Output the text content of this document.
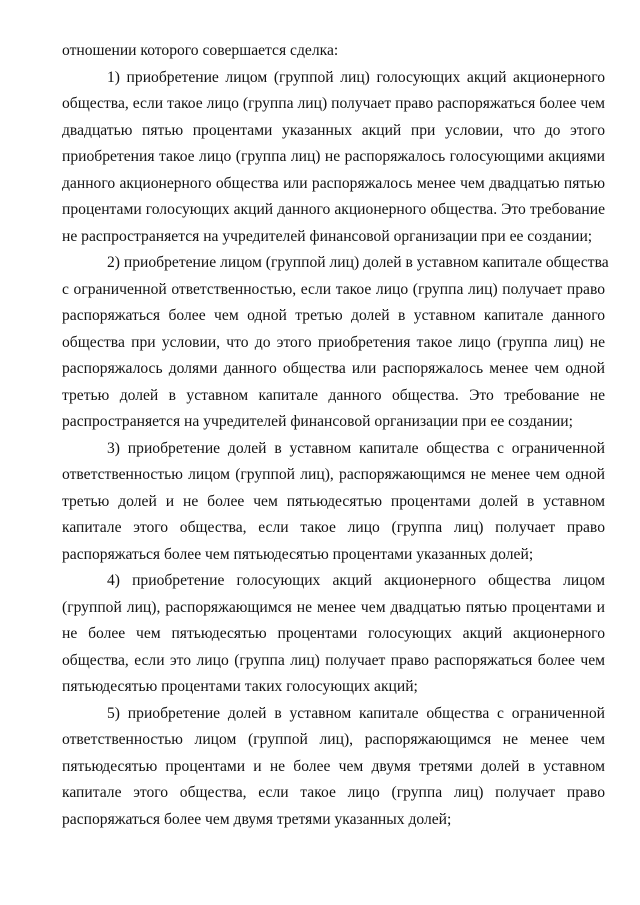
отношении которого совершается сделка:

1) приобретение лицом (группой лиц) голосующих акций акционерного

общества, если такое лицо (группа лиц) получает право распоряжаться более чем

двадцатью пятью процентами указанных акций при условии, что до этого

приобретения такое лицо (группа лиц) не распоряжалось голосующими акциями

данного акционерного общества или распоряжалось менее чем двадцатью пятью

процентами голосующих акций данного акционерного общества. Это требование

не распространяется на учредителей финансовой организации при ее создании;

2) приобретение лицом (группой лиц) долей в уставном капитале общества

с ограниченной ответственностью, если такое лицо (группа лиц) получает право

распоряжаться более чем одной третью долей в уставном капитале данного

общества при условии, что до этого приобретения такое лицо (группа лиц) не

распоряжалось долями данного общества или распоряжалось менее чем одной

третью долей в уставном капитале данного общества. Это требование не

распространяется на учредителей финансовой организации при ее создании;

3) приобретение долей в уставном капитале общества с ограниченной

ответственностью лицом (группой лиц), распоряжающимся не менее чем одной

третью долей и не более чем пятьюдесятью процентами долей в уставном

капитале этого общества, если такое лицо (группа лиц) получает право

распоряжаться более чем пятьюдесятью процентами указанных долей;

4) приобретение голосующих акций акционерного общества лицом

(группой лиц), распоряжающимся не менее чем двадцатью пятью процентами и

не более чем пятьюдесятью процентами голосующих акций акционерного

общества, если это лицо (группа лиц) получает право распоряжаться более чем

пятьюдесятью процентами таких голосующих акций;

5) приобретение долей в уставном капитале общества с ограниченной

ответственностью лицом (группой лиц), распоряжающимся не менее чем

пятьюдесятью процентами и не более чем двумя третями долей в уставном

капитале этого общества, если такое лицо (группа лиц) получает право

распоряжаться более чем двумя третями указанных долей;
